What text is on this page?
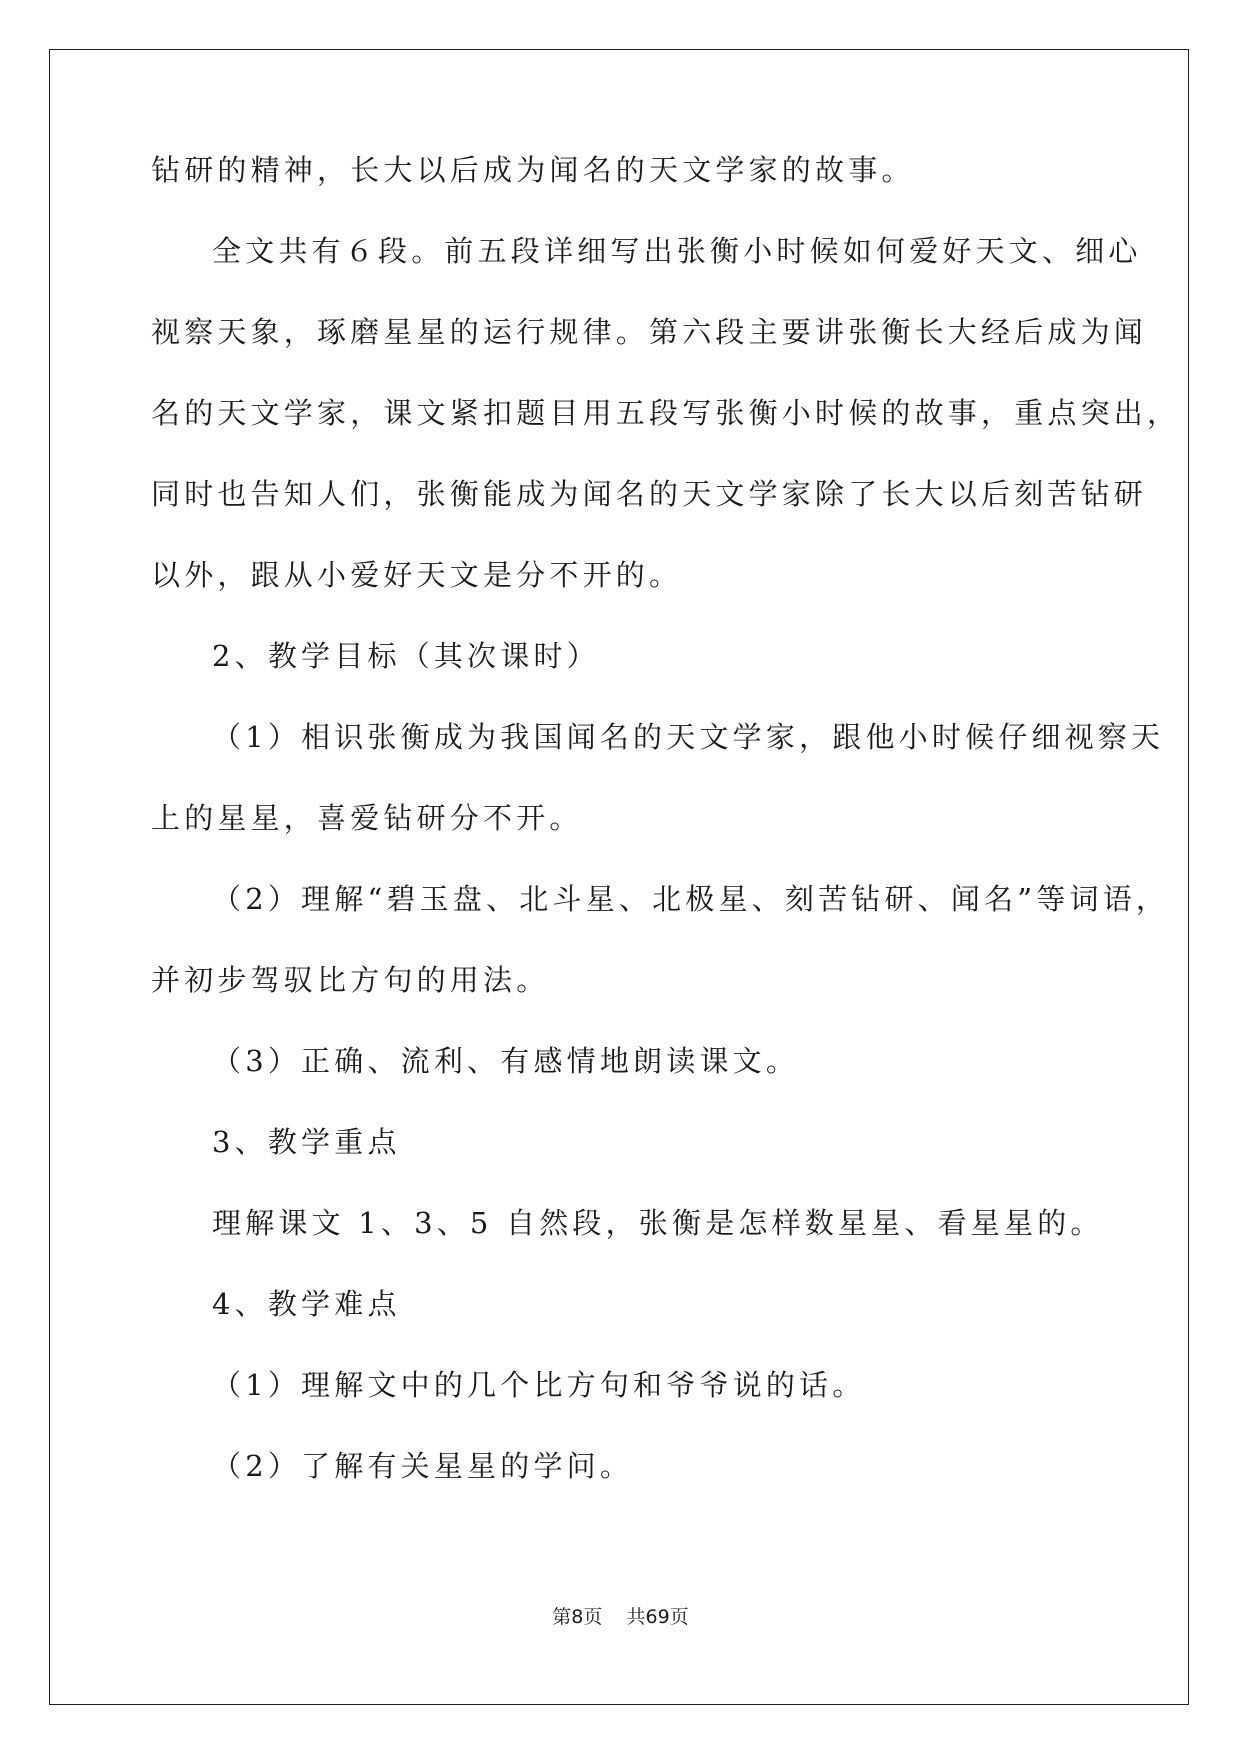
钻研的精神，长大以后成为闻名的天文学家的故事。
全文共有６段。前五段详细写出张衡小时候如何爱好天文、细心
视察天象，琢磨星星的运行规律。第六段主要讲张衡长大经后成为闻
名的天文学家，课文紧扣题目用五段写张衡小时候的故事，重点突出，
同时也告知人们，张衡能成为闻名的天文学家除了长大以后刻苦钻研
以外，跟从小爱好天文是分不开的。
2、教学目标（其次课时）
（1）相识张衡成为我国闻名的天文学家，跟他小时候仔细视察天
上的星星，喜爱钻研分不开。
（2）理解“碧玉盘、北斗星、北极星、刻苦钻研、闻名”等词语，
并初步驾驭比方句的用法。
（3）正确、流利、有感情地朗读课文。
3、教学重点
理解课文 1、3、5 自然段，张衡是怎样数星星、看星星的。
4、教学难点
（1）理解文中的几个比方句和爷爷说的话。
（2）了解有关星星的学问。
第8页    共69页
